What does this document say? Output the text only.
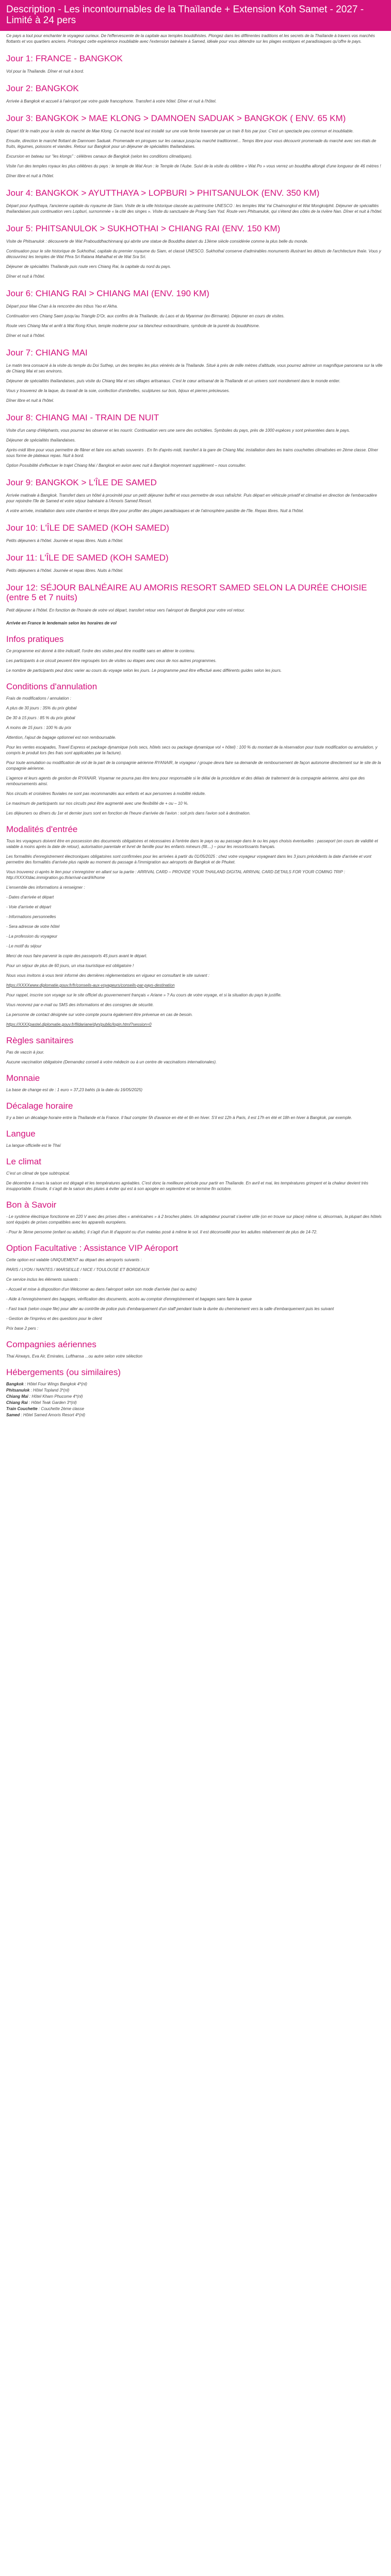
Description - Les incontournables de la Thaïlande + Extension Koh Samet - 2027 - Limité à 24 pers

Ce pays a tout pour enchanter le voyageur curieux. De l'effervescente de la capitale aux temples bouddhistes. Plongez dans les différentes traditions et les secrets de la Thaïlande à travers vos marchés flottants et vos quartiers anciens. Prolongez cette expérience inoubliable avec l'extension balnéaire à Samed, idéale pour vous détendre sur les plages exotiques et paradisiaques qu'offre le pays.

Jour 1: FRANCE - BANGKOK

Vol pour la Thaïlande. Dîner et nuit à bord.

Jour 2: BANGKOK

Arrivée à Bangkok et accueil à l'aéroport par votre guide francophone. Transfert à votre hôtel. Dîner et nuit à l'hôtel.

Jour 3: BANGKOK > MAE KLONG > DAMNOEN SADUAK > BANGKOK ( ENV. 65 KM)

Départ tôt le matin pour la visite du marché de Mae Klong. Ce marché local est installé sur une voie ferrée traversée par un train 8 fois par jour. C'est un spectacle peu commun et inoubliable.

Ensuite, direction le marché flottant de Damnoen Saduak. Promenade en pirogues sur les canaux jusqu'au marché traditionnel... Temps libre pour vous découvrir promenade du marché avec ses étals de fruits, légumes, poissons et viandes. Retour sur Bangkok pour un déjeuner de spécialités thaïlandaises.

Excursion en bateau sur "les klongs" : célèbres canaux de Bangkok (selon les conditions climatiques).

Visite l'un des temples royaux les plus célèbres du pays : le temple de Wat Arun : le Temple de l'Aube. Suivi de la visite du célèbre « Wat Po » vous verrez un bouddha allongé d'une longueur de 46 mètres !

Dîner libre et nuit à l'hôtel.

Jour 4: BANGKOK > AYUTTHAYA > LOPBURI > PHITSANULOK (ENV. 350 KM)

Départ pour Ayutthaya, l'ancienne capitale du royaume de Siam. Visite de la ville historique classée au patrimoine UNESCO : les temples Wat Yai Chaimongkol et Wat Mongkolphit. Déjeuner de spécialités thaïlandaises puis continuation vers Lopburi, surnommée « la cité des singes ». Visite du sanctuaire de Prang Sam Yod. Route vers Phitsanulok, qui s'étend des côtés de la rivière Nan. Dîner et nuit à l'hôtel.

Jour 5: PHITSANULOK > SUKHOTHAI > CHIANG RAI (ENV. 150 KM)

Visite de Phitsanulok : découverte de Wat Prabouddhachinnaraj qui abrite une statue de Bouddha datant du 13ème siècle considérée comme la plus belle du monde.

Continuation pour le site historique de Sukhothaï, capitale du premier royaume du Siam, et classé UNESCO. Sukhothaï conserve d'admirables monuments illustrant les débuts de l'architecture thaïe. Vous y découvrirez les temples de Wat Phra Sri Ratana Mahathat et de Wat Sra Sri.

Déjeuner de spécialités Thaïlande puis route vers Chiang Rai, la capitale du nord du pays.

Dîner et nuit à l'hôtel.

Jour 6: CHIANG RAI > CHIANG MAI (ENV. 190 KM)

Départ pour Mae Chan à la rencontre des tribus Yao et Akha.

Continuation vers Chiang Saen jusqu'au Triangle D'Or, aux confins de la Thaïlande, du Laos et du Myanmar (ex-Birmanie). Déjeuner en cours de visites.

Route vers Chiang Mai et arrêt à Wat Rong Khun, temple moderne pour sa blancheur extraordinaire, symbole de la pureté du bouddhisme.

Dîner et nuit à l'hôtel.

Jour 7: CHIANG MAI

Le matin tera consacré à la visite du temple du Doi Suthep, un des temples les plus vénérés de la Thaïlande. Situé à près de mille mètres d'altitude, vous pourrez admirer un magnifique panorama sur la ville de Chiang Mai et ses environs.

Déjeuner de spécialités thaïlandaises, puis visite du Chiang Mai et ses villages artisanaux. C'est le cœur artisanal de la Thaïlande et un univers sont mondement dans le monde entier.

Vous y trouverez de la laque, du travail de la soie, confection d'ombrelles, sculptures sur bois, bijoux et pierres précieuses.

Dîner libre et nuit à l'hôtel.

Jour 8: CHIANG MAI - TRAIN DE NUIT

Visite d'un camp d'éléphants, vous pourrez les observer et les nourrir. Continuation vers une serre des orchidées. Symboles du pays, près de 1000 espèces y sont présentées dans le pays.

Déjeuner de spécialités thaïlandaises.

Après-midi libre pour vous permettre de flâner et faire vos achats souvenirs . En fin d'après-midi, transfert à la gare de Chiang Mai, installation dans les trains couchettes climatisées en 2ème classe. Dîner sous forme de plateaux repas. Nuit à bord.

Option Possibilité d'effectuer le trajet Chiang Mai / Bangkok en avion avec nuit à Bangkok moyennant supplément – nous consulter.

Jour 9: BANGKOK > L'ÎLE DE SAMED

Arrivée matinale à Bangkok. Transfert dans un hôtel à proximité pour un petit déjeuner buffet et vous permettre de vous rafraîchir. Puis départ en véhicule privatif et climatisé en direction de l'embarcadère pour rejoindre l'île de Samed et votre séjour balnéaire à l'Amoris Samed Resort.

A votre arrivée, installation dans votre chambre et temps libre pour profiter des plages paradisiaques et de l'atmosphère paisible de l'île. Repas libres. Nuit à l'hôtel.

Jour 10: L'ÎLE DE SAMED (KOH SAMED)

Petits déjeuners à l'hôtel. Journée et repas libres. Nuits à l'hôtel.

Jour 11: L'ÎLE DE SAMED (KOH SAMED)

Petits déjeuners à l'hôtel. Journée et repas libres. Nuits à l'hôtel.

Jour 12: SÉJOUR BALNÉAIRE AU AMORIS RESORT SAMED SELON LA DURÉE CHOISIE (entre 5 et 7 nuits)

Petit déjeuner à l'hôtel. En fonction de l'horaire de votre vol départ, transfert retour vers l'aéroport de Bangkok pour votre vol retour.

Arrivée en France le lendemain selon les horaires de vol

Infos pratiques

Ce programme est donné à titre indicatif, l'ordre des visites peut être modifié sans en altérer le contenu.

Les participants à ce circuit peuvent être regroupés lors de visites ou étapes avec ceux de nos autres programmes.

Le nombre de participants peut donc varier au cours du voyage selon les jours. Le programme peut être effectué avec différents guides selon les jours.

Conditions d'annulation

Frais de modifications / annulation :

A plus de 30 jours : 35% du prix global

De 30 à 15 jours : 85 % du prix global

A moins de 15 jours : 100 % du prix

Attention, l'ajout de bagage optionnel est non remboursable.

Pour les ventes escapades, Travel Express et package dynamique (vols secs, hôtels secs ou package dynamique vol + hôtel) : 100 % du montant de la réservation pour toute modification ou annulation, y compris le produit lors (les frais sont applicables par la facture).

Pour toute annulation ou modification de vol de la part de la compagnie aérienne RYANAIR, le voyageur / groupe devra faire sa demande de remboursement de façon autonome directement sur le site de la compagnie aérienne.

L'agence et leurs agents de gestion de RYANAIR. Voyamar ne pourra pas être tenu pour responsable si le délai de la procédure et des délais de traitement de la compagnie aérienne, ainsi que des remboursements ainsi.

Nos circuits et croisières fluviales ne sont pas recommandés aux enfants et aux personnes à mobilité réduite.

Le maximum de participants sur nos circuits peut être augmenté avec une flexibilité de + ou – 10 %.

Les déjeuners ou dîners du 1er et dernier jours sont en fonction de l'heure d'arrivée de l'avion : soit pris dans l'avion soit à destination.

Modalités d'entrée

Tous les voyageurs doivent être en possession des documents obligatoires et nécessaires à l'entrée dans le pays ou au passage dans le ou les pays choisis éventuelles : passeport (en cours de validité et valable à moins après la date de retour), autorisation parentale et livret de famille pour les enfants mineurs (fill....) – pour les ressortissants français.

Les formalités d'enregistrement électroniques obligatoires sont confirmées pour les arrivées à partir du 01/05/2025 : chez votre voyageur voyageant dans les 3 jours précédents la date d'arrivée et vont permettre des formalités d'arrivée plus rapide au moment du passage à l'immigration aux aéroports de Bangkok et de Phuket.

Vous trouverez ci-après le lien pour s'enregistrer en allant sur la partie : ARRIVAL CARD – PROVIDE YOUR THAILAND DIGITAL ARRIVAL CARD DETAILS FOR YOUR COMING TRIP : http://XXXXtdac.immigration.go.th/arrival-card/#/home

L'ensemble des informations à renseigner :

- Dates d'arrivée et départ

- Voie d'arrivée et départ

- Informations personnelles

- Sera adresse de votre hôtel

- La profession du voyageur

- Le motif du séjour

Merci de nous faire parvenir la copie des passeports 45 jours avant le départ.

Pour un séjour de plus de 60 jours, un visa touristique est obligatoire !

Nous vous invitons à vous tenir informé des dernières réglementations en vigueur en consultant le site suivant :

https://XXXXwww.diplomatie.gouv.fr/fr/conseils-aux-voyageurs/conseils-par-pays-destination

Pour rappel, inscrire son voyage sur le site officiel du gouvernement français « Ariane » ? Au cours de votre voyage, et si la situation du pays le justifie.

Vous recevrez par e-mail ou SMS des informations et des consignes de sécurité.

La personne de contact désignée sur votre compte pourra également être prévenue en cas de besoin.

https://XXXXpastel.diplomatie.gouv.fr/fildariane/dyn/public/login.html?session=0

Règles sanitaires

Pas de vaccin à jour.

Aucune vaccination obligatoire (Demandez conseil à votre médecin ou à un centre de vaccinations internationales).

Monnaie

La base de change est de : 1 euro = 37,23 bahts (à la date du 16/05/2025)

Décalage horaire

Il y a bien un décalage horaire entre la Thaïlande et la France. Il faut compter 5h d'avance en été et 6h en hiver. S'il est 12h à Paris, il est 17h en été et 18h en hiver à Bangkok, par exemple.

Langue

La langue officielle est le Thaï

Le climat

C'est un climat de type subtropical.

De décembre à mars la saison est dégagé et les températures agréables. C'est donc la meilleure période pour partir en Thaïlande. En avril et mai, les températures grimpent et la chaleur devient très insupportable. Ensuite, il s'agit de la saison des pluies à éviter qui est à son apogée en septembre et se termine fin octobre.

Bon à Savoir

- Le système électrique fonctionne en 220 V avec des prises dites « américaines » à 2 broches plates. Un adaptateur pourrait s'avérer utile (on en trouve sur place) même si, désormais, la plupart des hôtels sont équipés de prises compatibles avec les appareils européens.

- Pour le 3ème personne (enfant ou adulte), il s'agit d'un lit d'appoint ou d'un matelas posé à même le sol. Il est déconseillé pour les adultes relativement de plus de 14-72.

Option Facultative : Assistance VIP Aéroport

Cette option est valable UNIQUEMENT au départ des aéroports suivants :

PARIS / LYON / NANTES / MARSEILLE / NICE / TOULOUSE ET BORDEAUX

Ce service inclus les éléments suivants :

- Accueil et mise à disposition d'un Welcomer au dans l'aéroport selon son mode d'arrivée (taxi ou autre)

- Aide à l'enregistrement des bagages, vérification des documents, accès au comptoir d'enregistrement et bagages sans faire la queue

- Fast track (selon coupe file) pour aller au contrôle de police puis d'embarquement d'un staff pendant toute la durée du cheminement vers la salle d'embarquement puis les suivant

- Gestion de l'imprévu et des questions pour le client

Prix base 2 pers :

Compagnies aériennes

Thai Airways, Eva Air, Emirates, Lufthansa ...ou autre selon votre sélection

Hébergements (ou similaires)
Bangkok : Hôtel Four Wings Bangkok 4*(nl)
Phitsanulok : Hôtel Topland 3*(nl)
Chiang Mai : Hôtel Kham Phucome 4*(nl)
Chiang Rai : Hôtel Teak Garden 3*(nl)
Train Couchette : Couchette 2ème classe
Samed : Hôtel Samed Amoris Resort 4*(nl)
